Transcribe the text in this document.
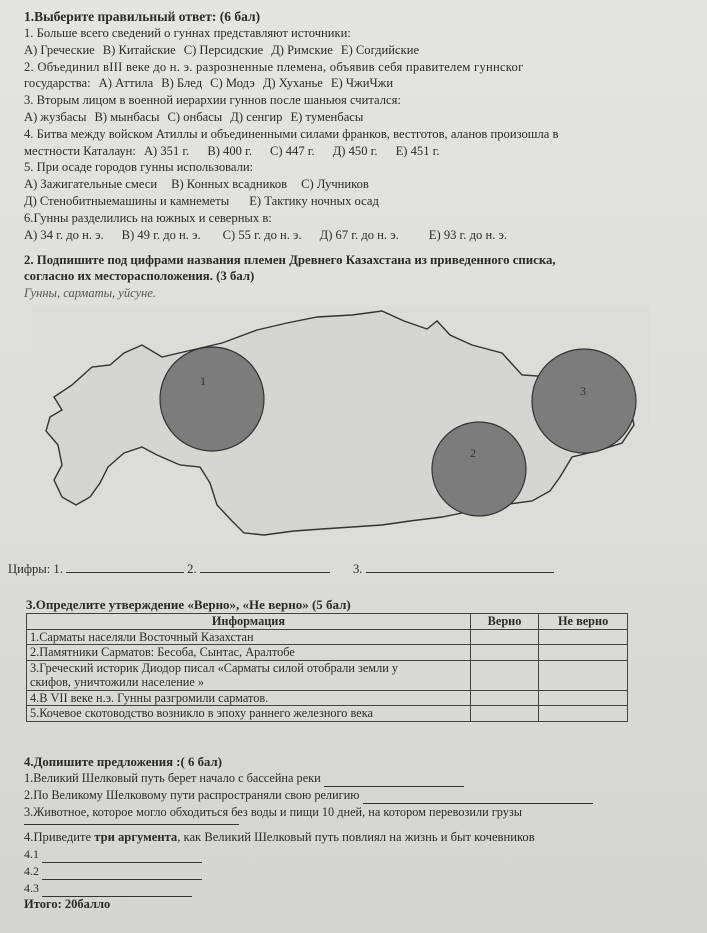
1.Выберите правильный ответ: (6 бал)
1. Больше всего сведений о гуннах представляют источники:
А) Греческие В) Китайские С) Персидские Д) Римские Е) Согдийские
2. Объединил вIII веке до н. э. разрозненные племена, объявив себя правителем гуннског
государства: А) Аттила В) Блед С) Модэ Д) Хуханье Е) ЧжиЧжи
3. Вторым лицом в военной иерархии гуннов после шаньюя считался:
А) жузбасы В) мынбасы С) онбасы Д) сенгир Е) туменбасы
4. Битва между войском Атиллы и объединенными силами франков, вестготов, аланов произошла в
местности Каталаун: А) 351 г. В) 400 г. С) 447 г. Д) 450 г. Е) 451 г.
5. При осаде городов гунны использовали:
А) Зажигательные смеси В) Конных всадников С) Лучников
Д) Стенобитныемашины и камнеметы Е) Тактику ночных осад
6.Гунны разделились на южных и северных в:
А) 34 г. до н. э. В) 49 г. до н. э. С) 55 г. до н. э. Д) 67 г. до н. э. Е) 93 г. до н. э.
2. Подпишите под цифрами названия племен Древнего Казахстана из приведенного списка,
согласно их месторасположения. (3 бал)
Гунны, сарматы, уйсуне.
1
2
3
Цифры: 1.	2.	3.
3.Определите утверждение «Верно», «Не верно» (5 бал)
Информация	Верно	Не верно
1.Сарматы населяли Восточный Казахстан		
2.Памятники Сарматов: Бесоба, Сынтас, Аралтобе		
3.Греческий историк Диодор писал «Сарматы силой отобрали земли у скифов, уничтожили население »		
4.В VII веке н.э. Гунны разгромили сарматов.		
5.Кочевое скотоводство возникло в эпоху раннего железного века		
4.Допишите предложения :( 6 бал)
1.Великий Шелковый путь берет начало с бассейна реки
2.По Великому Шелковому пути распространяли свою религию
3.Животное, которое могло обходиться без воды и пищи 10 дней, на котором перевозили грузы
4.Приведите три аргумента, как Великий Шелковый путь повлиял на жизнь и быт кочевников
4.1
4.2
4.3
Итого: 20балло
